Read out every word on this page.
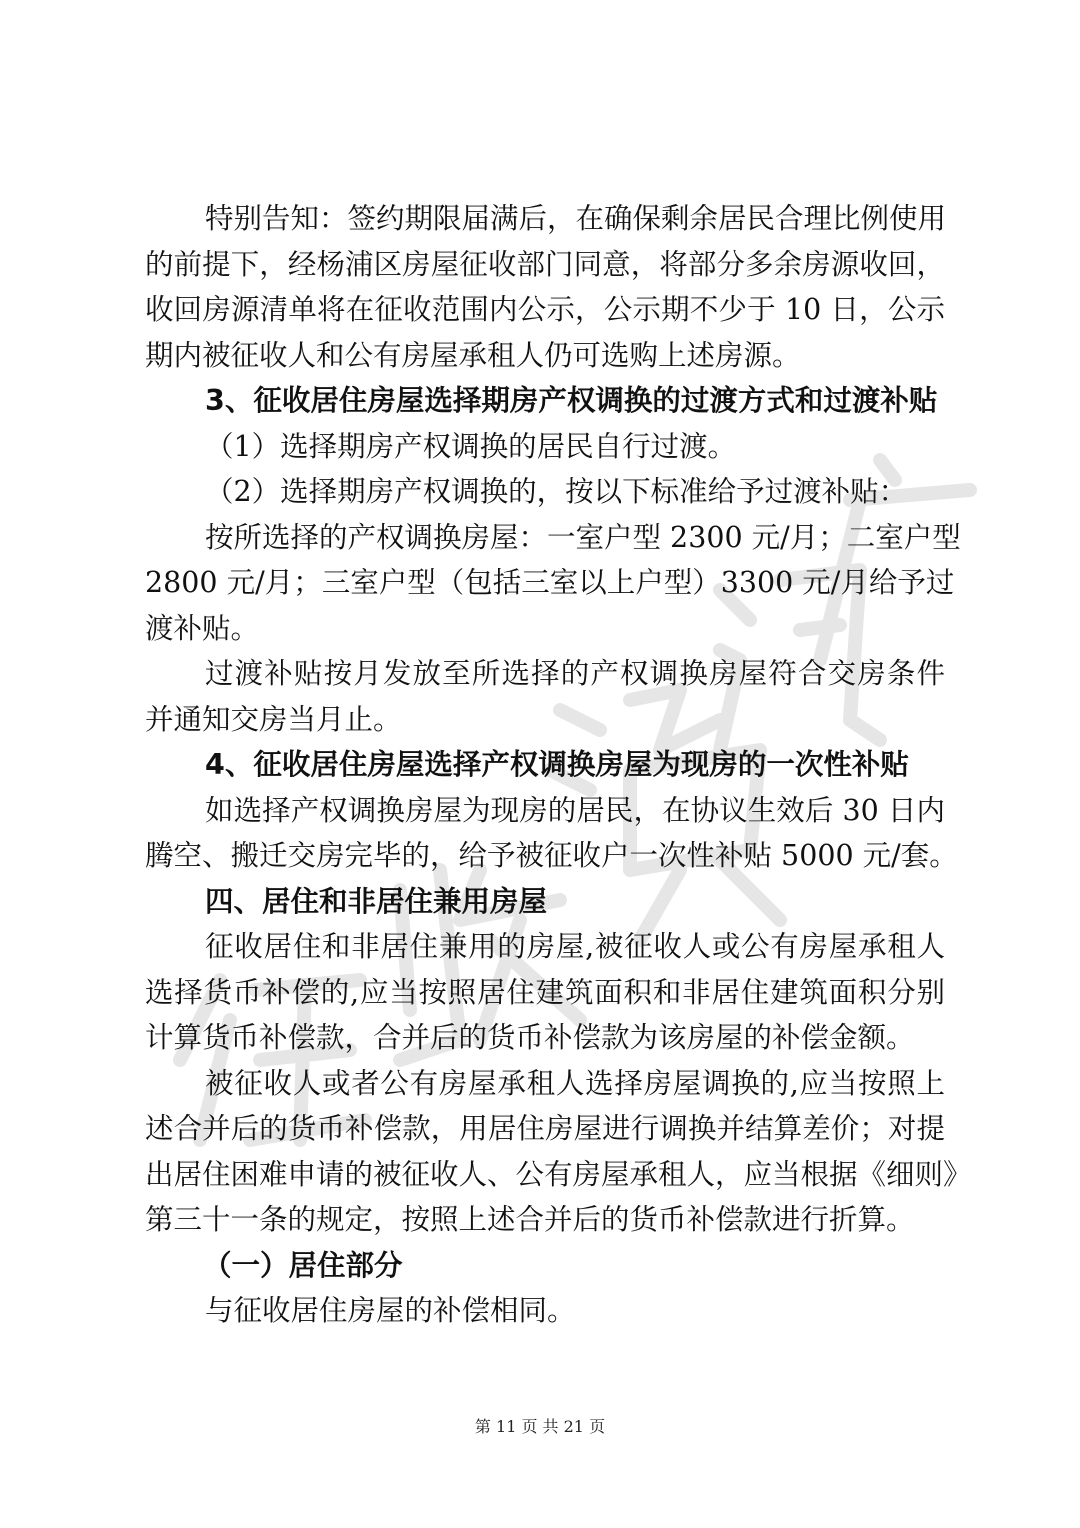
特别告知：签约期限届满后，在确保剩余居民合理比例使用
的前提下，经杨浦区房屋征收部门同意，将部分多余房源收回，
收回房源清单将在征收范围内公示，公示期不少于 10 日，公示
期内被征收人和公有房屋承租人仍可选购上述房源。
3、征收居住房屋选择期房产权调换的过渡方式和过渡补贴
（1）选择期房产权调换的居民自行过渡。
（2）选择期房产权调换的，按以下标准给予过渡补贴：
按所选择的产权调换房屋：一室户型 2300 元/月；二室户型
2800 元/月；三室户型（包括三室以上户型）3300 元/月给予过
渡补贴。
过渡补贴按月发放至所选择的产权调换房屋符合交房条件
并通知交房当月止。
4、征收居住房屋选择产权调换房屋为现房的一次性补贴
如选择产权调换房屋为现房的居民，在协议生效后 30 日内
腾空、搬迁交房完毕的，给予被征收户一次性补贴 5000 元/套。
四、居住和非居住兼用房屋
征收居住和非居住兼用的房屋,被征收人或公有房屋承租人
选择货币补偿的,应当按照居住建筑面积和非居住建筑面积分别
计算货币补偿款，合并后的货币补偿款为该房屋的补偿金额。
被征收人或者公有房屋承租人选择房屋调换的,应当按照上
述合并后的货币补偿款，用居住房屋进行调换并结算差价；对提
出居住困难申请的被征收人、公有房屋承租人，应当根据《细则》
第三十一条的规定，按照上述合并后的货币补偿款进行折算。
（一）居住部分
与征收居住房屋的补偿相同。
第 11 页 共 21 页
